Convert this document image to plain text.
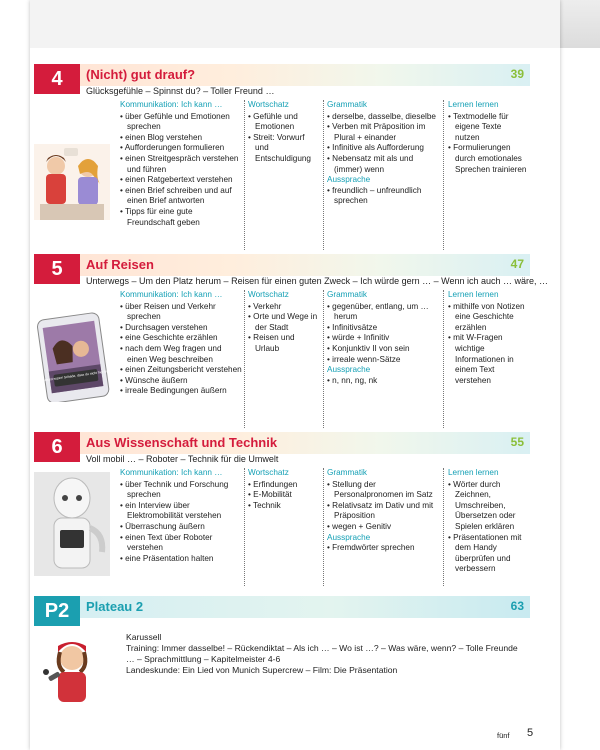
4	(Nicht) gut drauf?	39
Glücksgefühle – Spinnst du? – Toller Freund …
Kommunikation: Ich kann …
• über Gefühle und Emotionen sprechen
• einen Blog verstehen
• Aufforderungen formulieren
• einen Streitgespräch verstehen und führen
• einen Ratgebertext verstehen
• einen Brief schreiben und auf einen Brief antworten
• Tipps für eine gute Freundschaft geben
Wortschatz
• Gefühle und Emotionen
• Streit: Vorwurf und Entschuldigung
Grammatik
• derselbe, dasselbe, dieselbe
• Verben mit Präposition im Plural + einander
• Infinitive als Aufforderung
• Nebensatz mit als und (immer) wenn
Aussprache
• freundlich – unfreundlich sprechen
Lernen lernen
• Textmodelle für eigene Texte nutzen
• Formulierungen durch emotionales Sprechen trainieren
5	Auf Reisen	47
Unterwegs – Um den Platz herum – Reisen für einen guten Zweck – Ich würde gern … – Wenn ich auch … wäre, …
Paris ist super! Schade, dass du nicht hier bist!
Kommunikation: Ich kann …
• über Reisen und Verkehr sprechen
• Durchsagen verstehen
• eine Geschichte erzählen
• nach dem Weg fragen und einen Weg beschreiben
• einen Zeitungsbericht verstehen
• Wünsche äußern
• irreale Bedingungen äußern
Wortschatz
• Verkehr
• Orte und Wege in der Stadt
• Reisen und Urlaub
Grammatik
• gegenüber, entlang, um … herum
• Infinitivsätze
• würde + Infinitiv
• Konjunktiv II von sein
• irreale wenn-Sätze
Aussprache
• n, nn, ng, nk
Lernen lernen
• mithilfe von Notizen eine Geschichte erzählen
• mit W-Fragen wichtige Informationen in einem Text verstehen
6	Aus Wissenschaft und Technik	55
Voll mobil … – Roboter – Technik für die Umwelt
Kommunikation: Ich kann …
• über Technik und Forschung sprechen
• ein Interview über Elektromobilität verstehen
• Überraschung äußern
• einen Text über Roboter verstehen
• eine Präsentation halten
Wortschatz
• Erfindungen
• E-Mobilität
• Technik
Grammatik
• Stellung der Personalpronomen im Satz
• Relativsatz im Dativ und mit Präposition
• wegen + Genitiv
Aussprache
• Fremdwörter sprechen
Lernen lernen
• Wörter durch Zeichnen, Umschreiben, Übersetzen oder Spielen erklären
• Präsentationen mit dem Handy überprüfen und verbessern
P2	Plateau 2	63
Karussell
Training: Immer dasselbe! – Rückendiktat – Als ich … – Wo ist …? – Was wäre, wenn? – Tolle Freunde … – Sprachmittlung – Kapitelmeister 4-6
Landeskunde: Ein Lied von Munich Supercrew – Film: Die Präsentation
fünf 5
